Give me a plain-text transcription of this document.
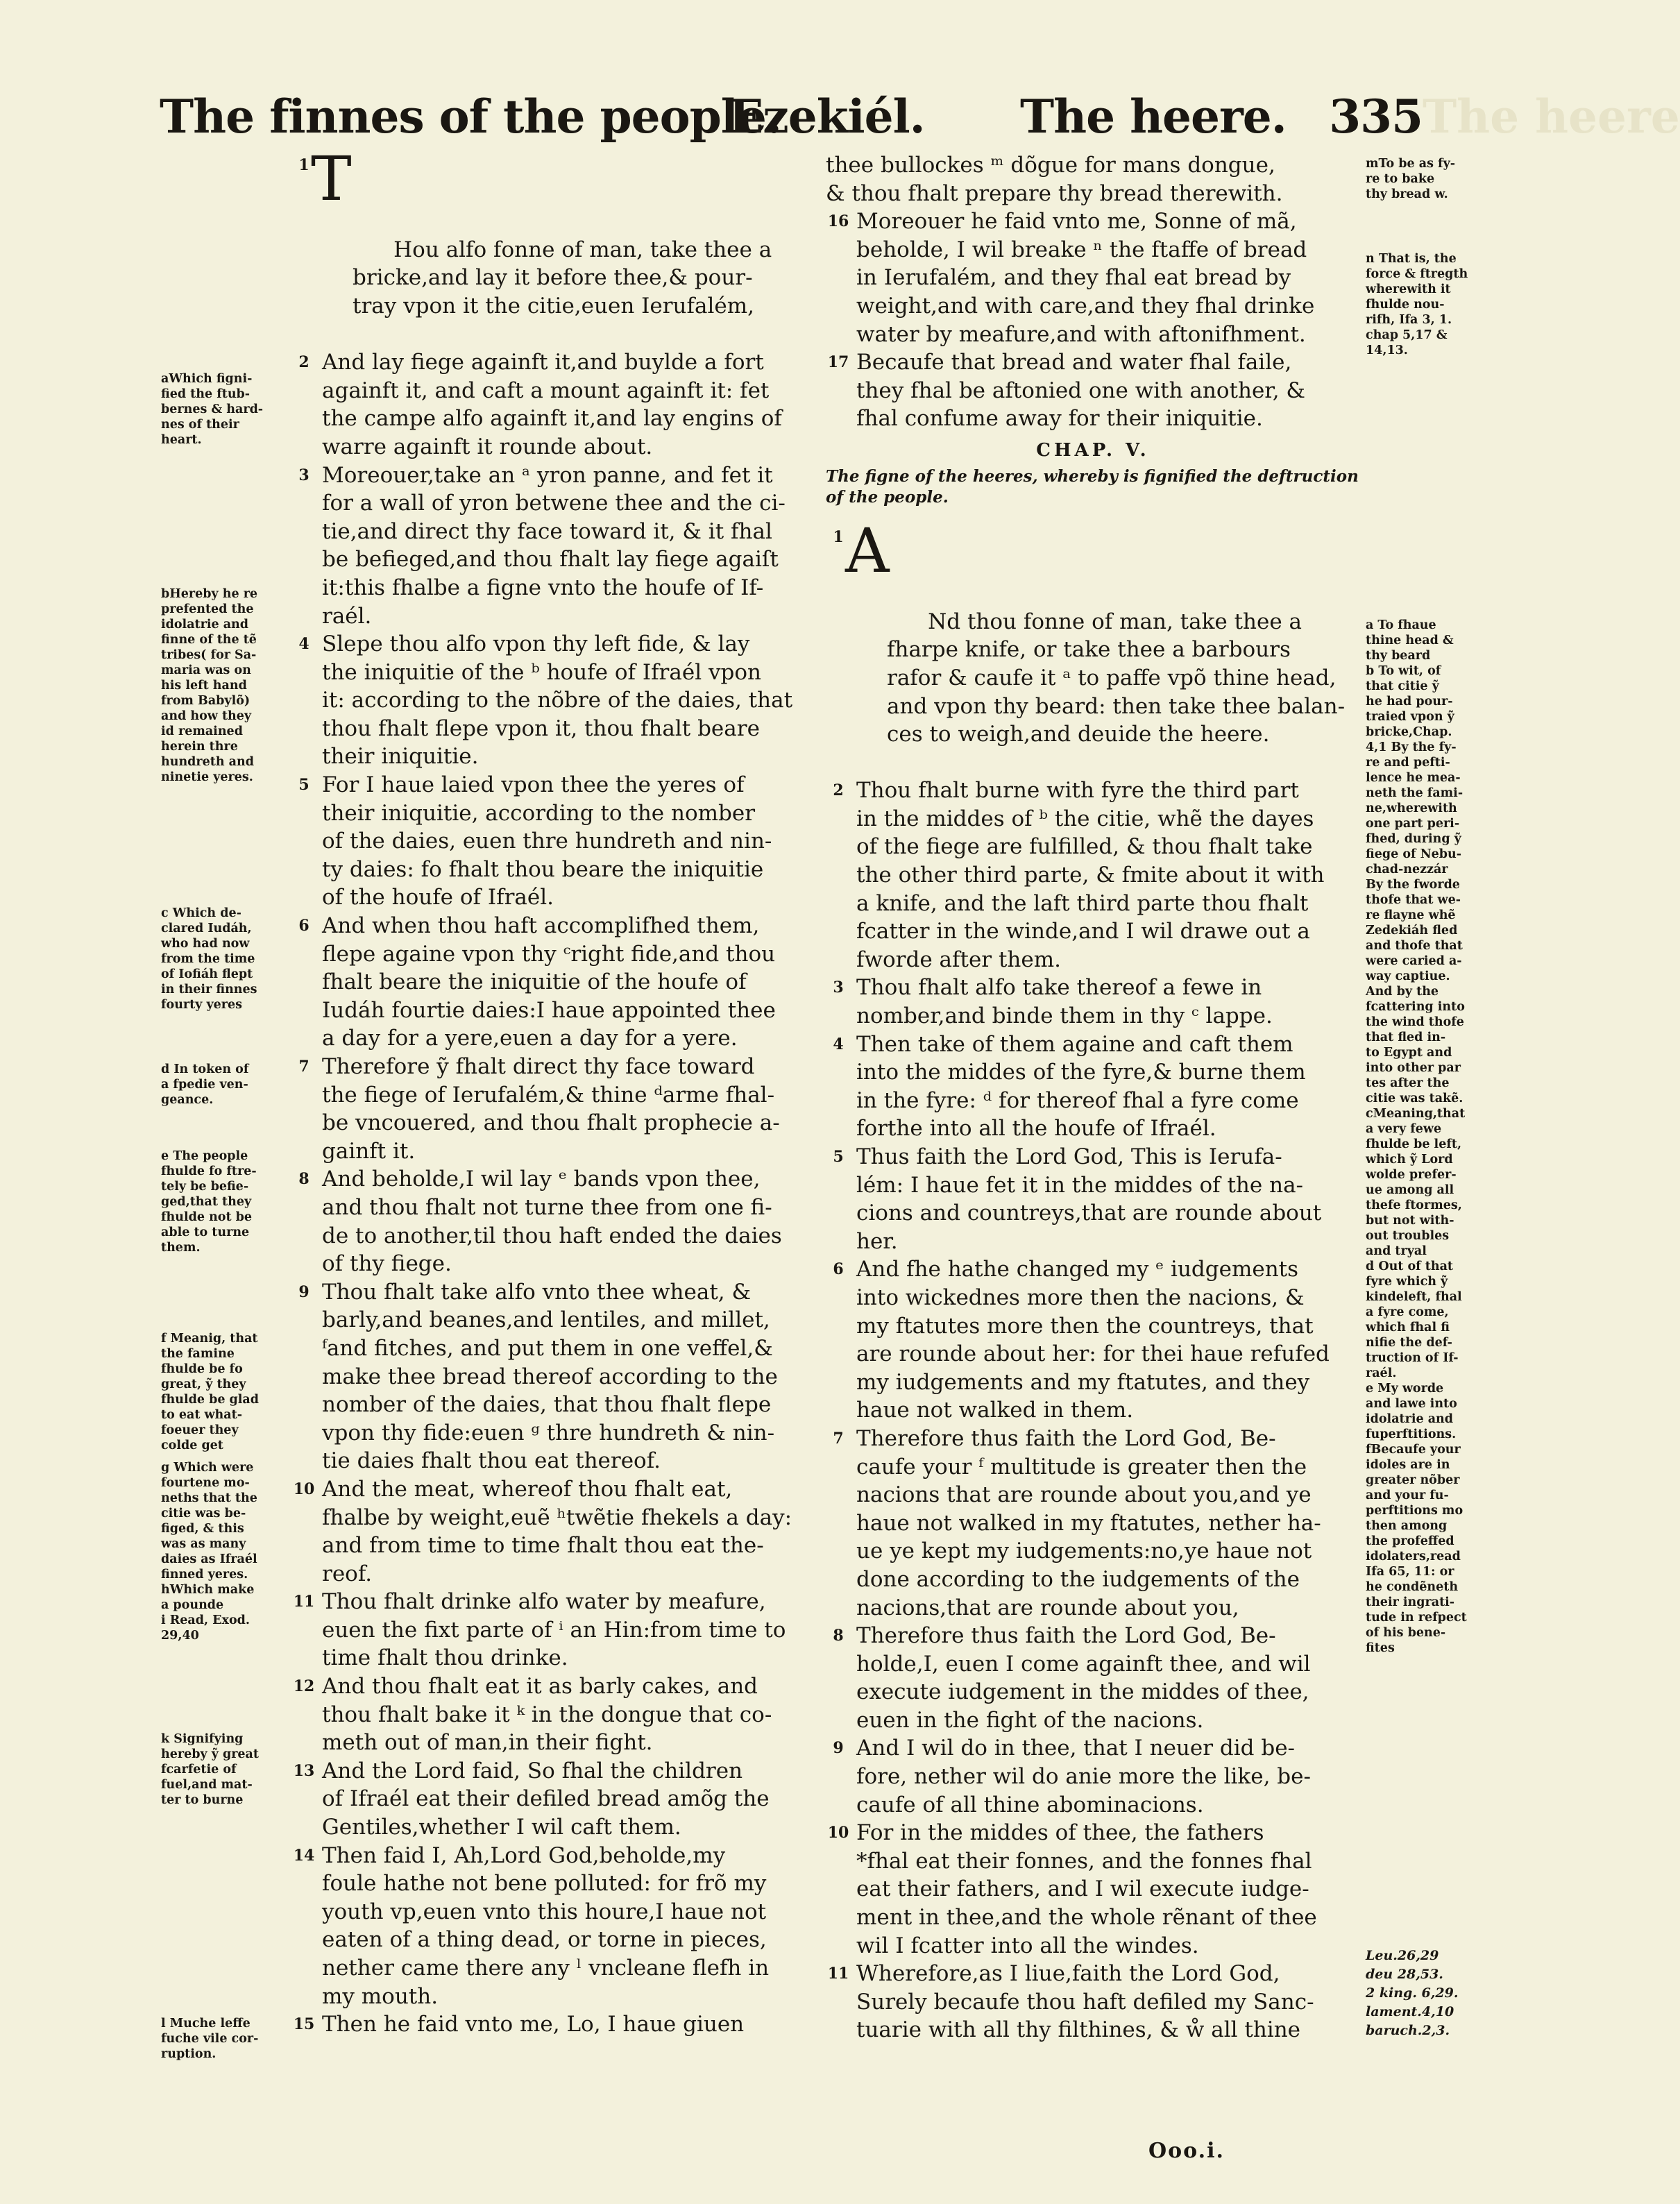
The finnes of the people.
Ezekiél. The heere. 335 The heere
aWhich figni-
fied the ftub-
bernes & hard-
nes of their
heart.
bHereby he re
prefented the
idolatrie and
finne of the tẽ
tribes( for Sa-
maria was on
his left hand
from Babylõ)
and how they
id remained
herein thre
hundreth and
ninetie yeres.
c Which de-
clared Iudáh,
who had now
from the time
of Iofiáh flept
in their finnes
fourty yeres
d In token of
a fpedie ven-
geance.
e The people
fhulde fo ftre-
tely be befie-
ged,that they
fhulde not be
able to turne
them.
f Meanig, that
the famine
fhulde be fo
great, ỹ they
fhulde be glad
to eat what-
foeuer they
colde get
g Which were
fourtene mo-
neths that the
citie was be-
figed, & this
was as many
daies as Ifraél
finned yeres.
hWhich make
a pounde
i Read, Exod.
29,40
k Signifying
hereby ỹ great
fcarfetie of
fuel,and mat-
ter to burne
l Muche leffe
fuche vile cor-
ruption.

1

T

Hou alfo fonne of man, take thee a
bricke,and lay it before thee,& pour-
tray vpon it the citie,euen Ierufalém,

2 And lay fiege againft it,and buylde a fort
againft it, and caft a mount againft it: fet
the campe alfo againft it,and lay engins of
warre againft it rounde about.
3 Moreouer,take an ᵃ yron panne, and fet it
for a wall of yron betwene thee and the ci-
tie,and direct thy face toward it, & it fhal
be befieged,and thou fhalt lay fiege agaiſt
it:this fhalbe a figne vnto the houfe of If-
raél.
4 Slepe thou alfo vpon thy left fide, & lay
the iniquitie of the ᵇ houfe of Ifraél vpon
it: according to the nõbre of the daies, that
thou fhalt flepe vpon it, thou fhalt beare
their iniquitie.
5 For I haue laied vpon thee the yeres of
their iniquitie, according to the nomber
of the daies, euen thre hundreth and nin-
ty daies: fo fhalt thou beare the iniquitie
of the houfe of Ifraél.
6 And when thou haft accomplifhed them,
flepe againe vpon thy ᶜright fide,and thou
fhalt beare the iniquitie of the houfe of
Iudáh fourtie daies:I haue appointed thee
a day for a yere,euen a day for a yere.
7 Therefore ỹ fhalt direct thy face toward
the fiege of Ierufalém,& thine ᵈarme fhal-
be vncouered, and thou fhalt prophecie a-
gainft it.
8 And beholde,I wil lay ᵉ bands vpon thee,
and thou fhalt not turne thee from one fi-
de to another,til thou haft ended the daies
of thy fiege.
9 Thou fhalt take alfo vnto thee wheat, &
barly,and beanes,and lentiles, and millet,
ᶠand fitches, and put them in one veffel,&
make thee bread thereof according to the
nomber of the daies, that thou fhalt flepe
vpon thy fide:euen ᵍ thre hundreth & nin-
tie daies fhalt thou eat thereof.
10 And the meat, whereof thou fhalt eat,
fhalbe by weight,euẽ ʰtwẽtie fhekels a day:
and from time to time fhalt thou eat the-
reof.
11 Thou fhalt drinke alfo water by meafure,
euen the fixt parte of ⁱ an Hin:from time to
time fhalt thou drinke.
12 And thou fhalt eat it as barly cakes, and
thou fhalt bake it ᵏ in the dongue that co-
meth out of man,in their fight.
13 And the Lord faid, So fhal the children
of Ifraél eat their defiled bread amõg the
Gentiles,whether I wil caft them.
14 Then faid I, Ah,Lord God,beholde,my
foule hathe not bene polluted: for frõ my
youth vp,euen vnto this houre,I haue not
eaten of a thing dead, or torne in pieces,
nether came there any ˡ vncleane flefh in
my mouth.
15 Then he faid vnto me, Lo, I haue giuen
thee bullockes ᵐ dõgue for mans dongue,
& thou fhalt prepare thy bread therewith.
16 Moreouer he faid vnto me, Sonne of mã,
beholde, I wil breake ⁿ the ftaffe of bread
in Ierufalém, and they fhal eat bread by
weight,and with care,and they fhal drinke
water by meafure,and with aftonifhment.
17 Becaufe that bread and water fhal faile,
they fhal be aftonied one with another, &
fhal confume away for their iniquitie.
CHAP. V.
The figne of the heeres, whereby is fignified the deftruction
of the people.

1

A

Nd thou fonne of man, take thee a
fharpe knife, or take thee a barbours
rafor & caufe it ᵃ to paffe vpõ thine head,
and vpon thy beard: then take thee balan-
ces to weigh,and deuide the heere.

2 Thou fhalt burne with fyre the third part
in the middes of ᵇ the citie, whẽ the dayes
of the fiege are fulfilled, & thou fhalt take
the other third parte, & fmite about it with
a knife, and the laft third parte thou fhalt
fcatter in the winde,and I wil drawe out a
fworde after them.
3 Thou fhalt alfo take thereof a fewe in
nomber,and binde them in thy ᶜ lappe.
4 Then take of them againe and caft them
into the middes of the fyre,& burne them
in the fyre: ᵈ for thereof fhal a fyre come
forthe into all the houfe of Ifraél.
5 Thus faith the Lord God, This is Ierufa-
lém: I haue fet it in the middes of the na-
cions and countreys,that are rounde about
her.
6 And fhe hathe changed my ᵉ iudgements
into wickednes more then the nacions, &
my ftatutes more then the countreys, that
are rounde about her: for thei haue refufed
my iudgements and my ftatutes, and they
haue not walked in them.
7 Therefore thus faith the Lord God, Be-
caufe your ᶠ multitude is greater then the
nacions that are rounde about you,and ye
haue not walked in my ftatutes, nether ha-
ue ye kept my iudgements:no,ye haue not
done according to the iudgements of the
nacions,that are rounde about you,
8 Therefore thus faith the Lord God, Be-
holde,I, euen I come againft thee, and wil
execute iudgement in the middes of thee,
euen in the fight of the nacions.
9 And I wil do in thee, that I neuer did be-
fore, nether wil do anie more the like, be-
caufe of all thine abominacions.
10 For in the middes of thee, the fathers
*fhal eat their fonnes, and the fonnes fhal
eat their fathers, and I wil execute iudge-
ment in thee,and the whole rẽnant of thee
wil I fcatter into all the windes.
11 Wherefore,as I liue,faith the Lord God,
Surely becaufe thou haft defiled my Sanc-
tuarie with all thy filthines, & ẘ all thine
mTo be as fy-
re to bake
thy bread w.
n That is, the
force & ftregth
wherewith it
fhulde nou-
rifh, Ifa 3, 1.
chap 5,17 &
14,13.
a To fhaue
thine head &
thy beard
b To wit, of
that citie ỹ
he had pour-
traied vpon ỹ
bricke,Chap.
4,1 By the fy-
re and pefti-
lence he mea-
neth the fami-
ne,wherewith
one part peri-
fhed, during ỹ
fiege of Nebu-
chad-nezzár
By the fworde
thofe that we-
re flayne whẽ
Zedekiáh fled
and thofe that
were caried a-
way captiue.
And by the
fcattering into
the wind thofe
that fled in-
to Egypt and
into other par
tes after the
citie was takẽ.
cMeaning,that
a very fewe
fhulde be left,
which ỹ Lord
wolde prefer-
ue among all
thefe ftormes,
but not with-
out troubles
and tryal
d Out of that
fyre which ỹ
kindeleft, fhal
a fyre come,
which fhal fi
nifie the def-
truction of If-
raél.
e My worde
and lawe into
idolatrie and
fuperftitions.
fBecaufe your
idoles are in
greater nõber
and your fu-
perftitions mo
then among
the profeffed
idolaters,read
Ifa 65, 11: or
he condẽneth
their ingrati-
tude in refpect
of his bene-
fites
Leu.26,29
deu 28,53.
2 king. 6,29.
lament.4,10
baruch.2,3.
Ooo.i.
